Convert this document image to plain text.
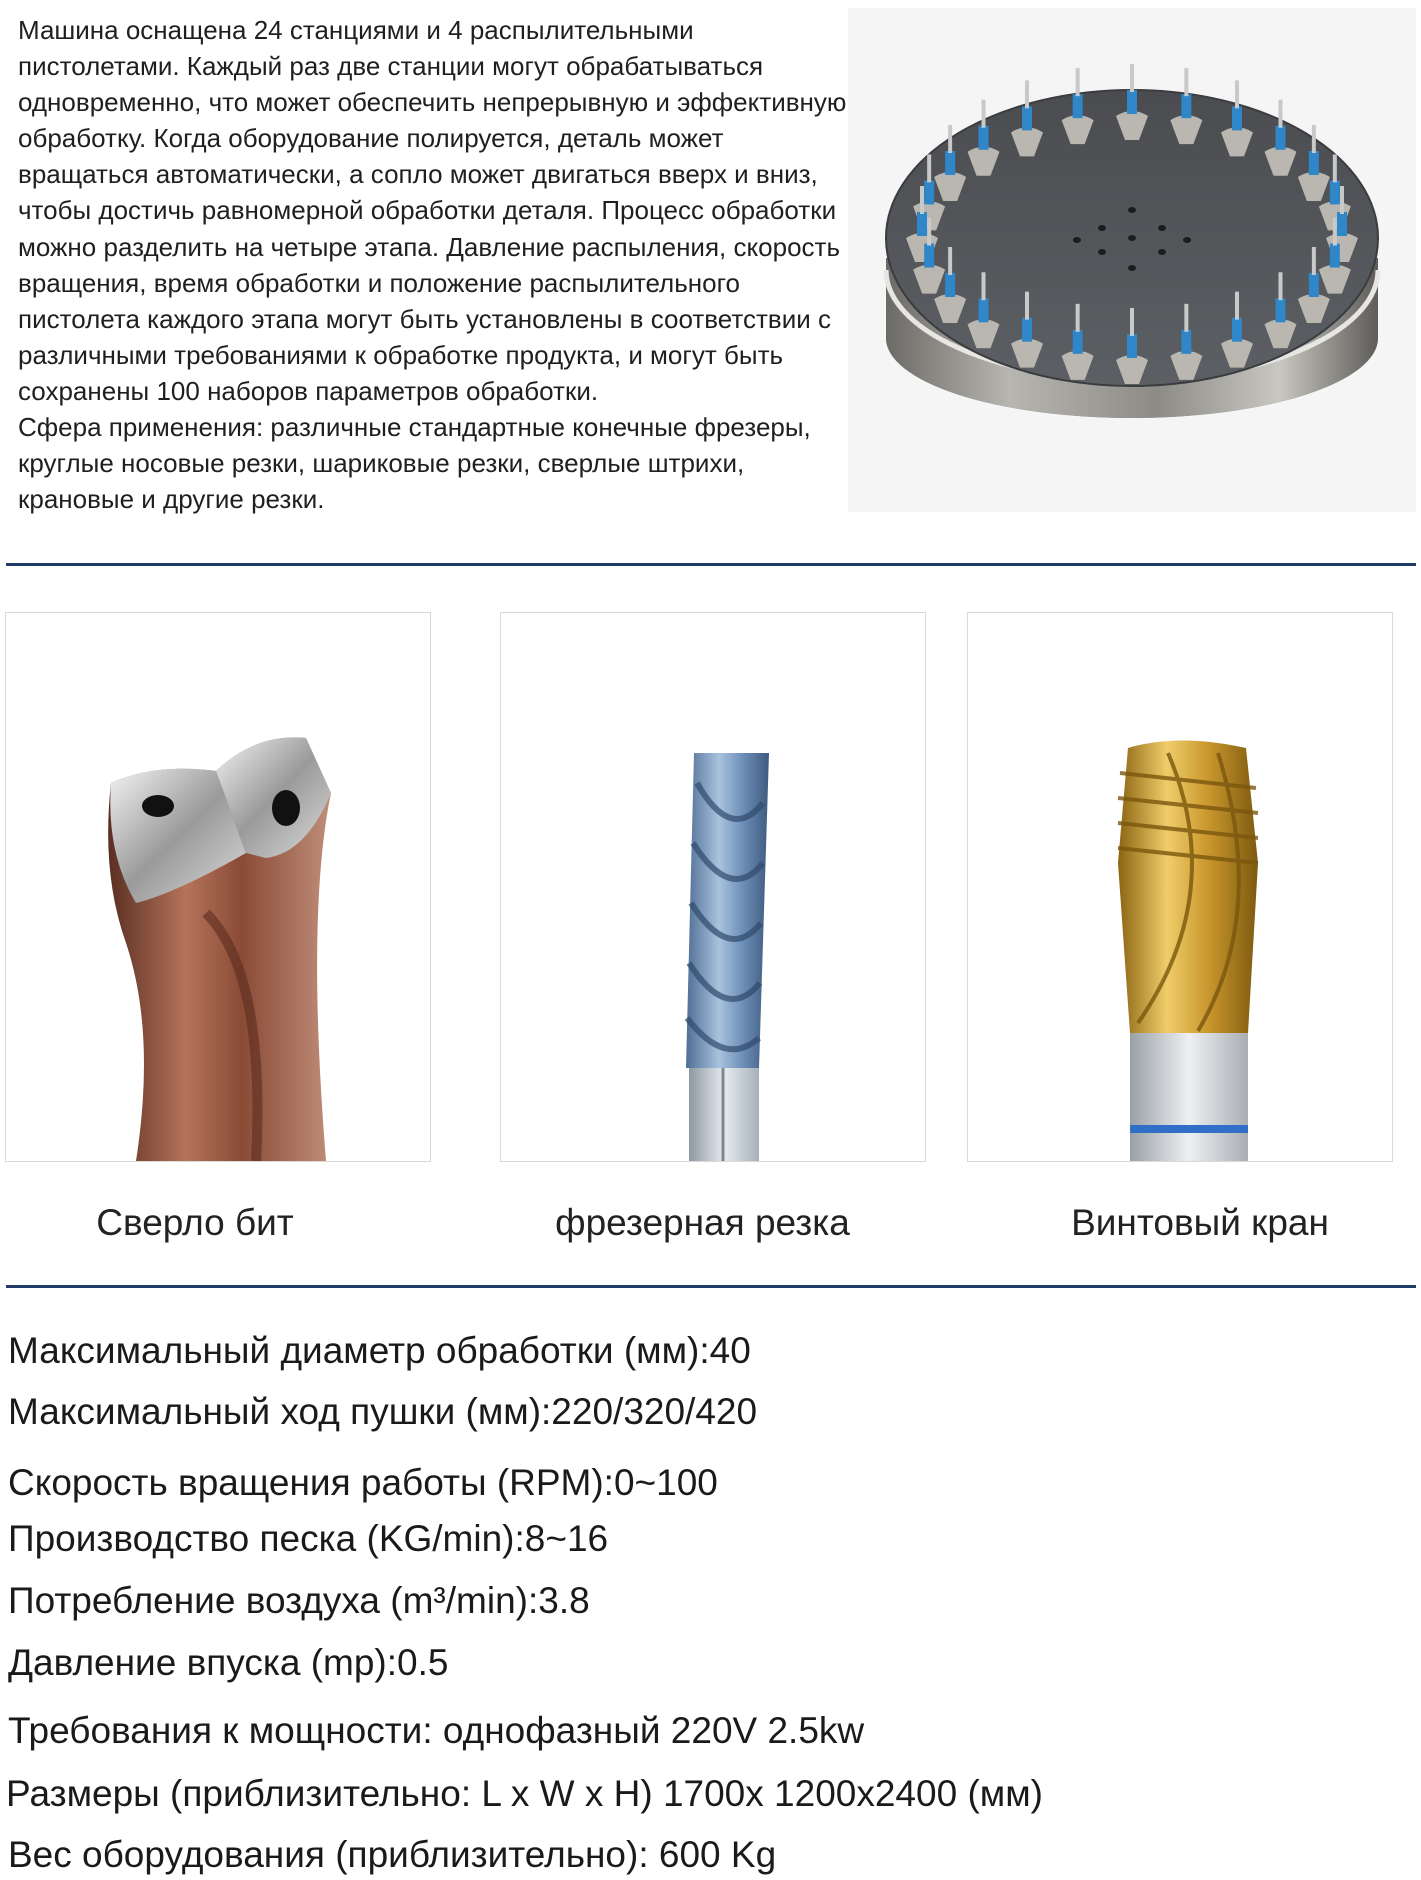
Машина оснащена 24 станциями и 4 распылительными пистолетами. Каждый раз две станции могут обрабатываться одновременно, что может обеспечить непрерывную и эффективную обработку. Когда оборудование полируется, деталь может вращаться автоматически, а сопло может двигаться вверх и вниз, чтобы достичь равномерной обработки деталя. Процесс обработки можно разделить на четыре этапа. Давление распыления, скорость вращения, время обработки и положение распылительного пистолета каждого этапа могут быть установлены в соответствии с различными требованиями к обработке продукта, и могут быть сохранены 100 наборов параметров обработки.

Сфера применения: различные стандартные конечные фрезеры, круглые носовые резки, шариковые резки, сверлые штрихи, крановые и другие резки.

Сверло бит	фрезерная резка	Винтовый кран
Максимальный диаметр обработки (мм):40
Максимальный ход пушки (мм):220/320/420
Скорость вращения работы (RPM):0~100
Производство песка (KG/min):8~16
Потребление воздуха (m³/min):3.8
Давление впуска (mp):0.5
Требования к мощности: однофазный 220V 2.5kw
Размеры (приблизительно: L x W x H) 1700x 1200x2400 (мм)
Вес оборудования (приблизительно): 600 Kg
